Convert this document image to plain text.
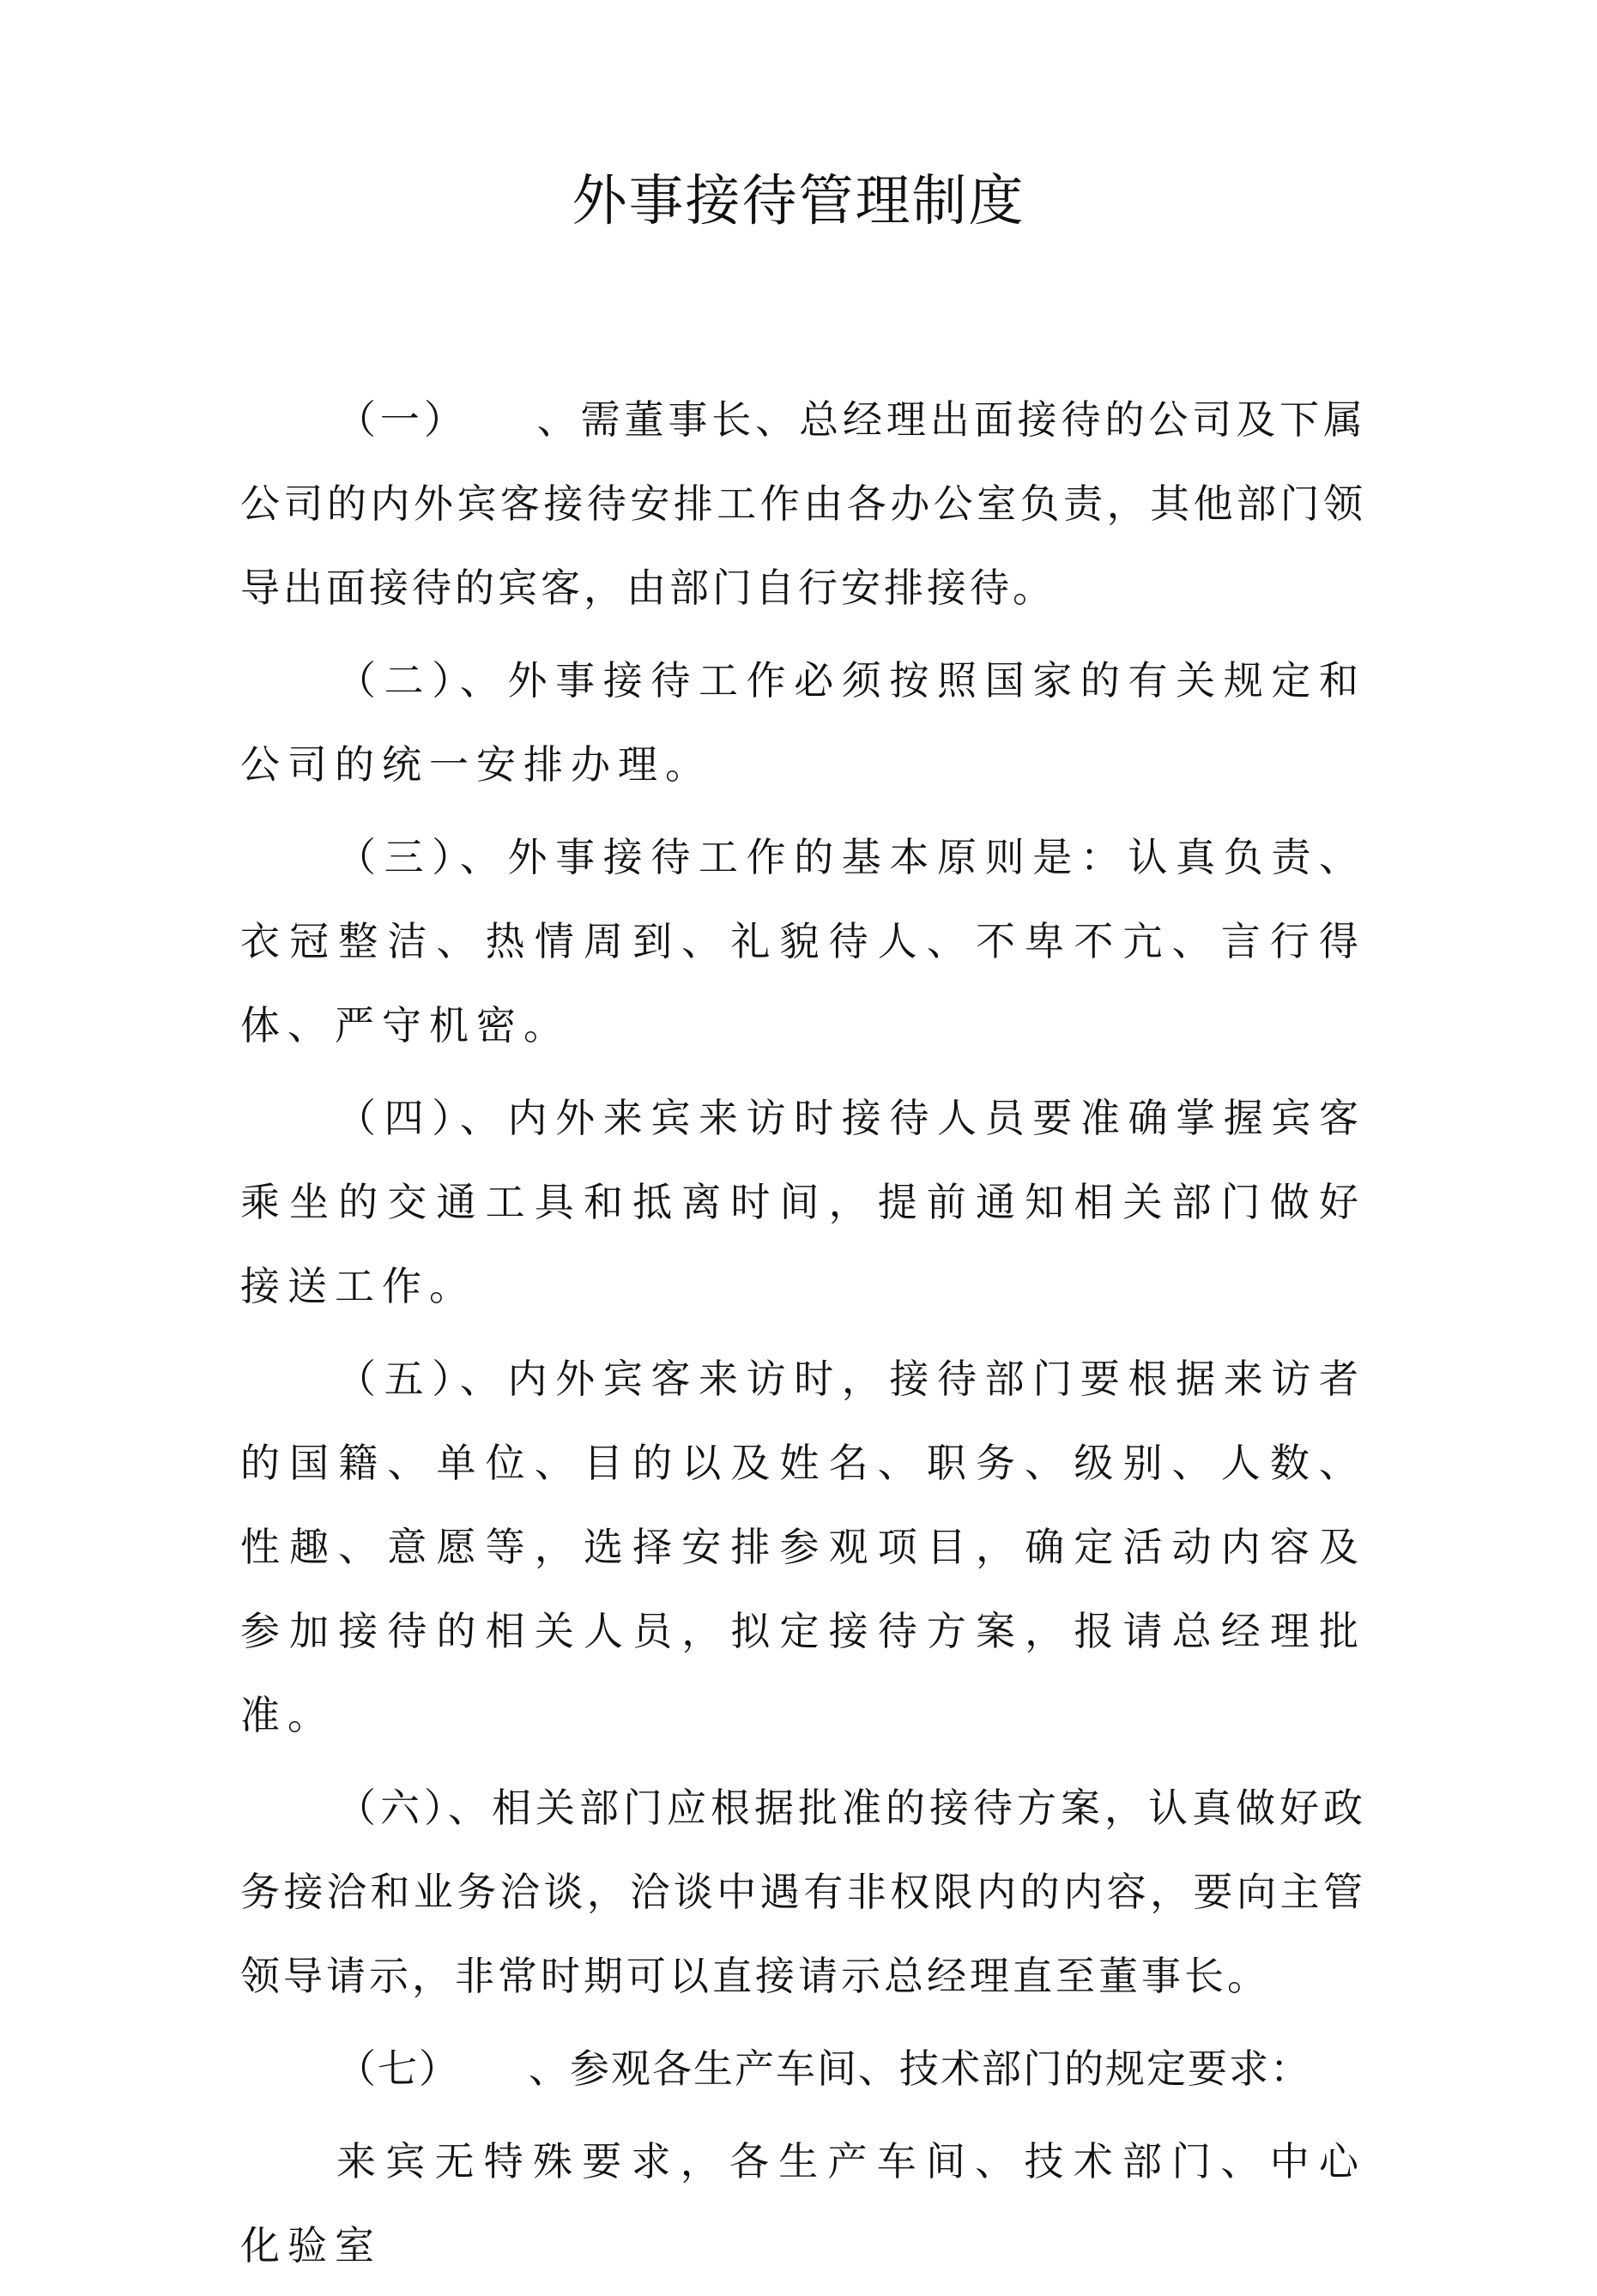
外事接待管理制度

（一） 、需董事长、总经理出面接待的公司及下属公司的内外宾客接待安排工作由各办公室负责，其他部门领导出面接待的宾客，由部门自行安排接待。

（二）、外事接待工作必须按照国家的有关规定和公司的统一安排办理。

（三）、外事接待工作的基本原则是：认真负责、衣冠整洁、热情周到、礼貌待人、不卑不亢、言行得体、严守机密。

（四）、内外来宾来访时接待人员要准确掌握宾客乘坐的交通工具和抵离时间，提前通知相关部门做好接送工作。

（五）、内外宾客来访时，接待部门要根据来访者的国籍、单位、目的以及姓名、职务、级别、人数、性趣、意愿等，选择安排参观项目，确定活动内容及参加接待的相关人员，拟定接待方案，报请总经理批准。

（六）、相关部门应根据批准的接待方案，认真做好政务接洽和业务洽谈，洽谈中遇有非权限内的内容，要向主管领导请示，非常时期可以直接请示总经理直至董事长。

（七） 、参观各生产车间、技术部门的规定要求：

来宾无特殊要求，各生产车间、技术部门、中心化验室
